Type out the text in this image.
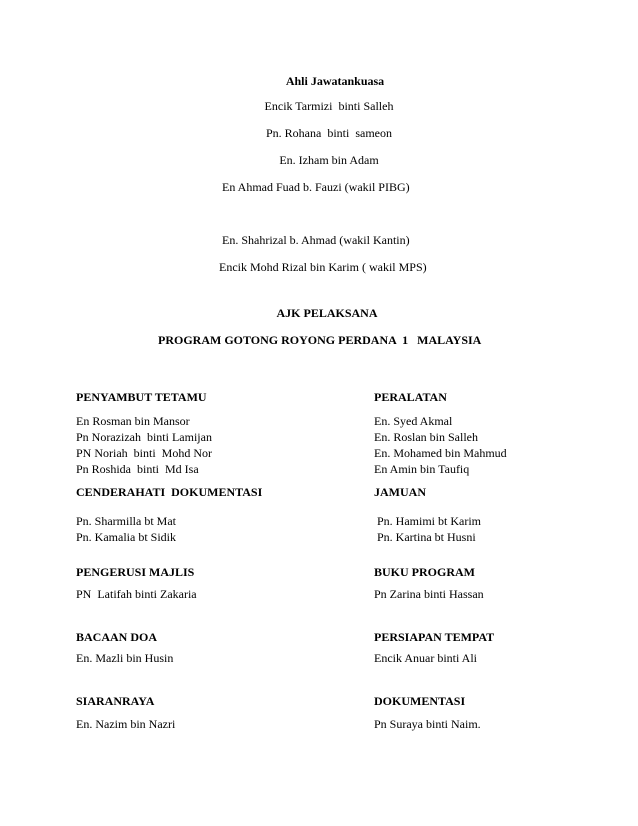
Ahli Jawatankuasa
Encik Tarmizi  binti Salleh
Pn. Rohana  binti  sameon
En. Izham bin Adam
En Ahmad Fuad b. Fauzi (wakil PIBG)
En. Shahrizal b. Ahmad (wakil Kantin)
Encik Mohd Rizal bin Karim ( wakil MPS)
AJK PELAKSANA
PROGRAM GOTONG ROYONG PERDANA  1   MALAYSIA
PENYAMBUT TETAMU
En Rosman bin Mansor
Pn Norazizah  binti Lamijan
PN Noriah  binti  Mohd Nor
Pn Roshida  binti  Md Isa
PERALATAN
En. Syed Akmal
En. Roslan bin Salleh
En. Mohamed bin Mahmud
En Amin bin Taufiq
CENDERAHATI  DOKUMENTASI
Pn. Sharmilla bt Mat
Pn. Kamalia bt Sidik
JAMUAN
Pn. Hamimi bt Karim
Pn. Kartina bt Husni
PENGERUSI MAJLIS
PN  Latifah binti Zakaria
BUKU PROGRAM
Pn Zarina binti Hassan
BACAAN DOA
En. Mazli bin Husin
PERSIAPAN TEMPAT
Encik Anuar binti Ali
SIARANRAYA
En. Nazim bin Nazri
DOKUMENTASI
Pn Suraya binti Naim.
